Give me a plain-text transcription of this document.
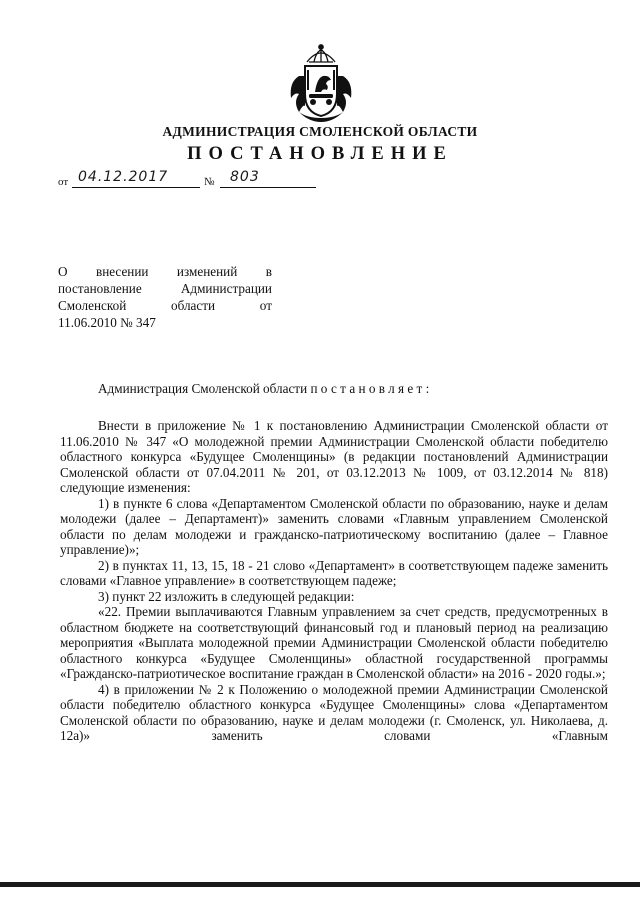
АДМИНИСТРАЦИЯ СМОЛЕНСКОЙ ОБЛАСТИ
ПОСТАНОВЛЕНИЕ
от 04.12.2017	№ 803
О внесении изменений в
постановление	Администрации
Смоленской	области	от
11.06.2010 № 347

Администрация Смоленской области постановляет:

Внести в приложение № 1 к постановлению Администрации Смоленской области от 11.06.2010 № 347 «О молодежной премии Администрации Смоленской области победителю областного конкурса «Будущее Смоленщины» (в редакции постановлений Администрации Смоленской области от 07.04.2011 № 201, от 03.12.2013 № 1009, от 03.12.2014 № 818) следующие изменения:

1) в пункте 6 слова «Департаментом Смоленской области по образованию, науке и делам молодежи (далее – Департамент)» заменить словами «Главным управлением Смоленской области по делам молодежи и гражданско-патриотическому воспитанию (далее – Главное управление)»;

2) в пунктах 11, 13, 15, 18 - 21 слово «Департамент» в соответствующем падеже заменить словами «Главное управление» в соответствующем падеже;

3) пункт 22 изложить в следующей редакции:

«22. Премии выплачиваются Главным управлением за счет средств, предусмотренных в областном бюджете на соответствующий финансовый год и плановый период на реализацию мероприятия «Выплата молодежной премии Администрации Смоленской области победителю областного конкурса «Будущее Смоленщины» областной государственной программы «Гражданско-патриотическое воспитание граждан в Смоленской области» на 2016 - 2020 годы.»;

4) в приложении № 2 к Положению о молодежной премии Администрации Смоленской области победителю областного конкурса «Будущее Смоленщины» слова «Департаментом Смоленской области по образованию, науке и делам молодежи (г. Смоленск, ул. Николаева, д. 12а)» заменить словами «Главным
